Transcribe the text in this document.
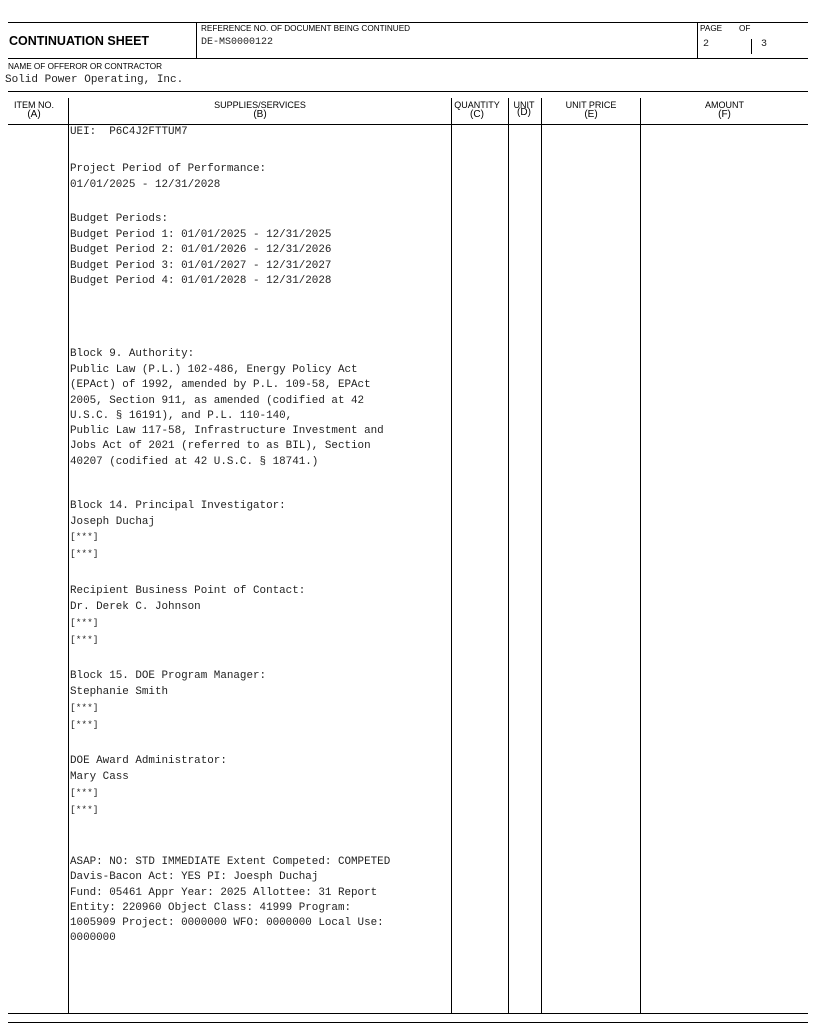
CONTINUATION SHEET
REFERENCE NO. OF DOCUMENT BEING CONTINUED
DE-MS0000122
PAGE OF
2	3
NAME OF OFFEROR OR CONTRACTOR
Solid Power Operating, Inc.
ITEM NO.
(A)
SUPPLIES/SERVICES
(B)
QUANTITY
(C)
UNIT
(D)
UNIT PRICE
(E)
AMOUNT
(F)
UEI:  P6C4J2FTTUM7
Project Period of Performance:
01/01/2025 - 12/31/2028
Budget Periods:
Budget Period 1: 01/01/2025 - 12/31/2025
Budget Period 2: 01/01/2026 - 12/31/2026
Budget Period 3: 01/01/2027 - 12/31/2027
Budget Period 4: 01/01/2028 - 12/31/2028
Block 9. Authority:
Public Law (P.L.) 102-486, Energy Policy Act
(EPAct) of 1992, amended by P.L. 109-58, EPAct
2005, Section 911, as amended (codified at 42
U.S.C. § 16191), and P.L. 110-140,
Public Law 117-58, Infrastructure Investment and
Jobs Act of 2021 (referred to as BIL), Section
40207 (codified at 42 U.S.C. § 18741.)
Block 14. Principal Investigator:
Joseph Duchaj
[***]
[***]
Recipient Business Point of Contact:
Dr. Derek C. Johnson
[***]
[***]
Block 15. DOE Program Manager:
Stephanie Smith
[***]
[***]
DOE Award Administrator:
Mary Cass
[***]
[***]
ASAP: NO: STD IMMEDIATE Extent Competed: COMPETED
Davis-Bacon Act: YES PI: Joesph Duchaj
Fund: 05461 Appr Year: 2025 Allottee: 31 Report
Entity: 220960 Object Class: 41999 Program:
1005909 Project: 0000000 WFO: 0000000 Local Use:
0000000
